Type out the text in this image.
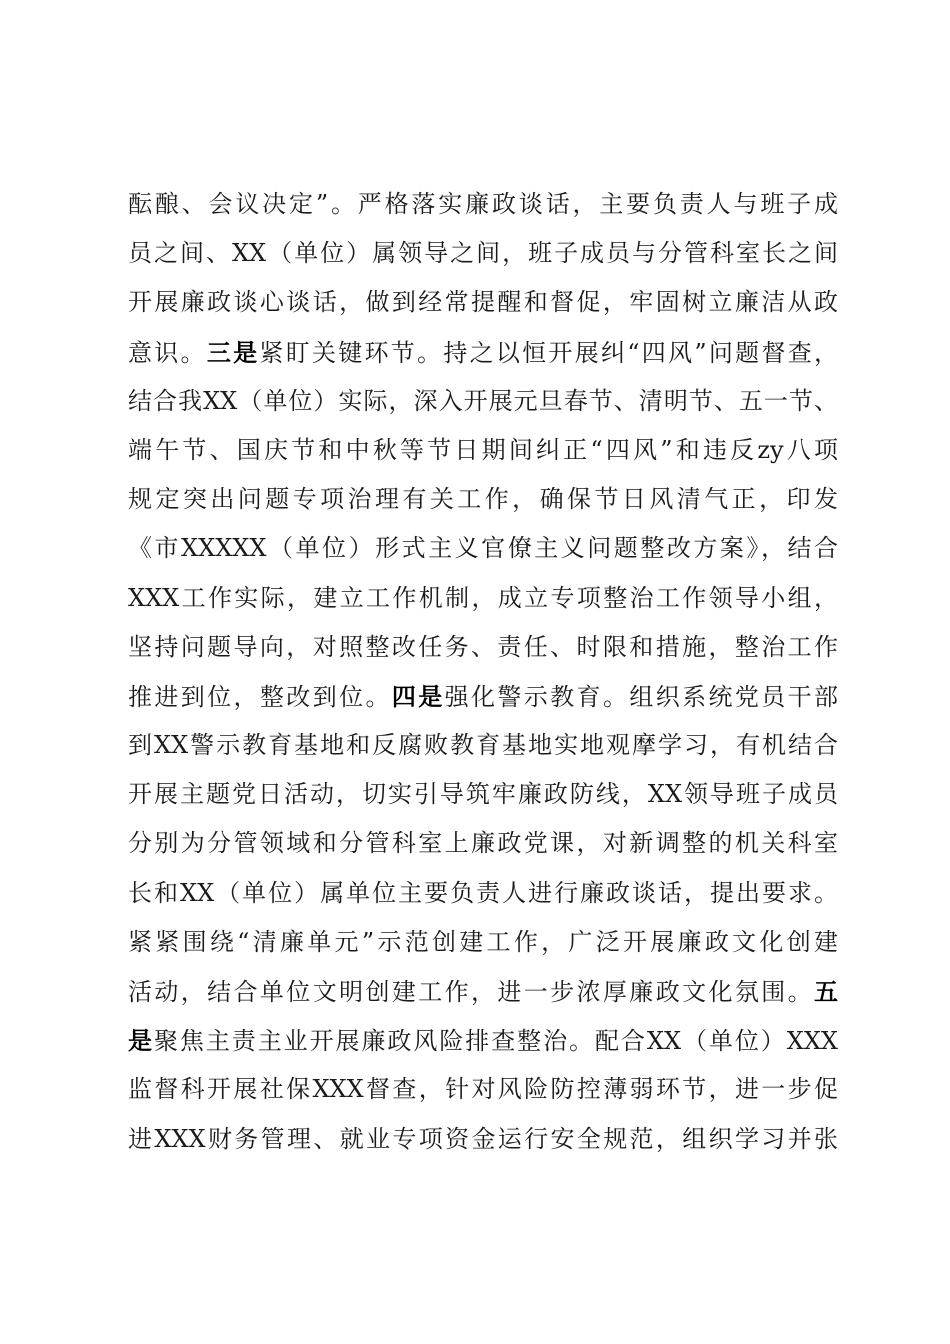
酝酿、会议决定”。严格落实廉政谈话，主要负责人与班子成
员之间、XX（单位）属领导之间，班子成员与分管科室长之间
开展廉政谈心谈话，做到经常提醒和督促，牢固树立廉洁从政
意识。三是紧盯关键环节。持之以恒开展纠“四风”问题督查，
结合我XX（单位）实际，深入开展元旦春节、清明节、五一节、
端午节、国庆节和中秋等节日期间纠正“四风”和违反zy八项
规定突出问题专项治理有关工作，确保节日风清气正，印发
《市XXXXX（单位）形式主义官僚主义问题整改方案》，结合
XXX工作实际，建立工作机制，成立专项整治工作领导小组，
坚持问题导向，对照整改任务、责任、时限和措施，整治工作
推进到位，整改到位。四是强化警示教育。组织系统党员干部
到XX警示教育基地和反腐败教育基地实地观摩学习，有机结合
开展主题党日活动，切实引导筑牢廉政防线，XX领导班子成员
分别为分管领域和分管科室上廉政党课，对新调整的机关科室
长和XX（单位）属单位主要负责人进行廉政谈话，提出要求。
紧紧围绕“清廉单元”示范创建工作，广泛开展廉政文化创建
活动，结合单位文明创建工作，进一步浓厚廉政文化氛围。五
是聚焦主责主业开展廉政风险排查整治。配合XX（单位）XXX
监督科开展社保XXX督查，针对风险防控薄弱环节，进一步促
进XXX财务管理、就业专项资金运行安全规范，组织学习并张
